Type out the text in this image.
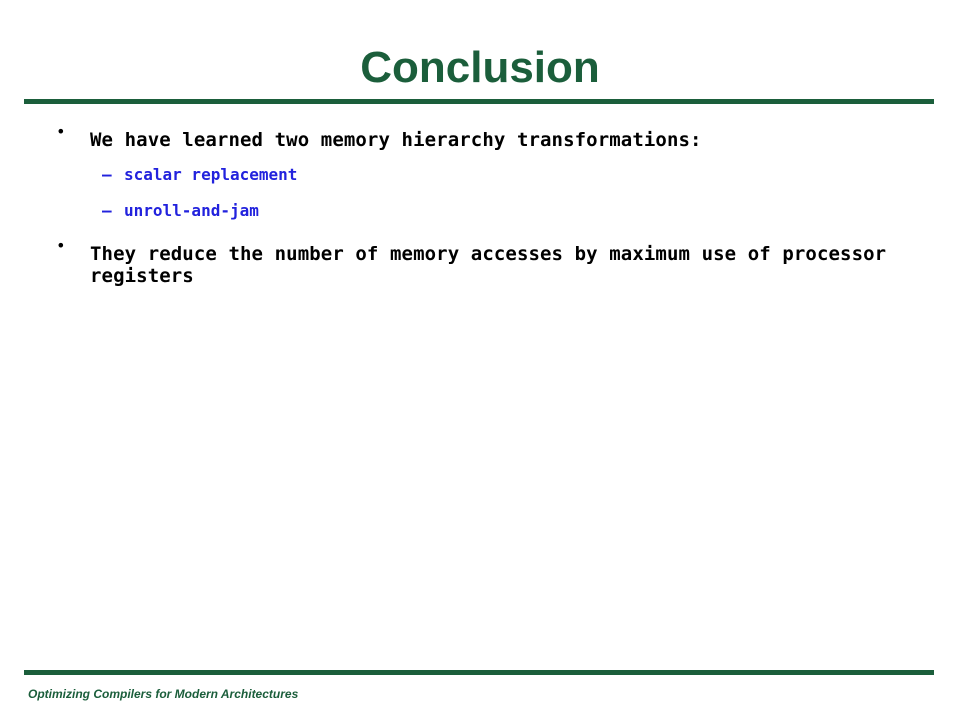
Conclusion
• We have learned two memory hierarchy transformations:
— scalar replacement
— unroll-and-jam
• They reduce the number of memory accesses by maximum use of processor registers
Optimizing Compilers for Modern Architectures
